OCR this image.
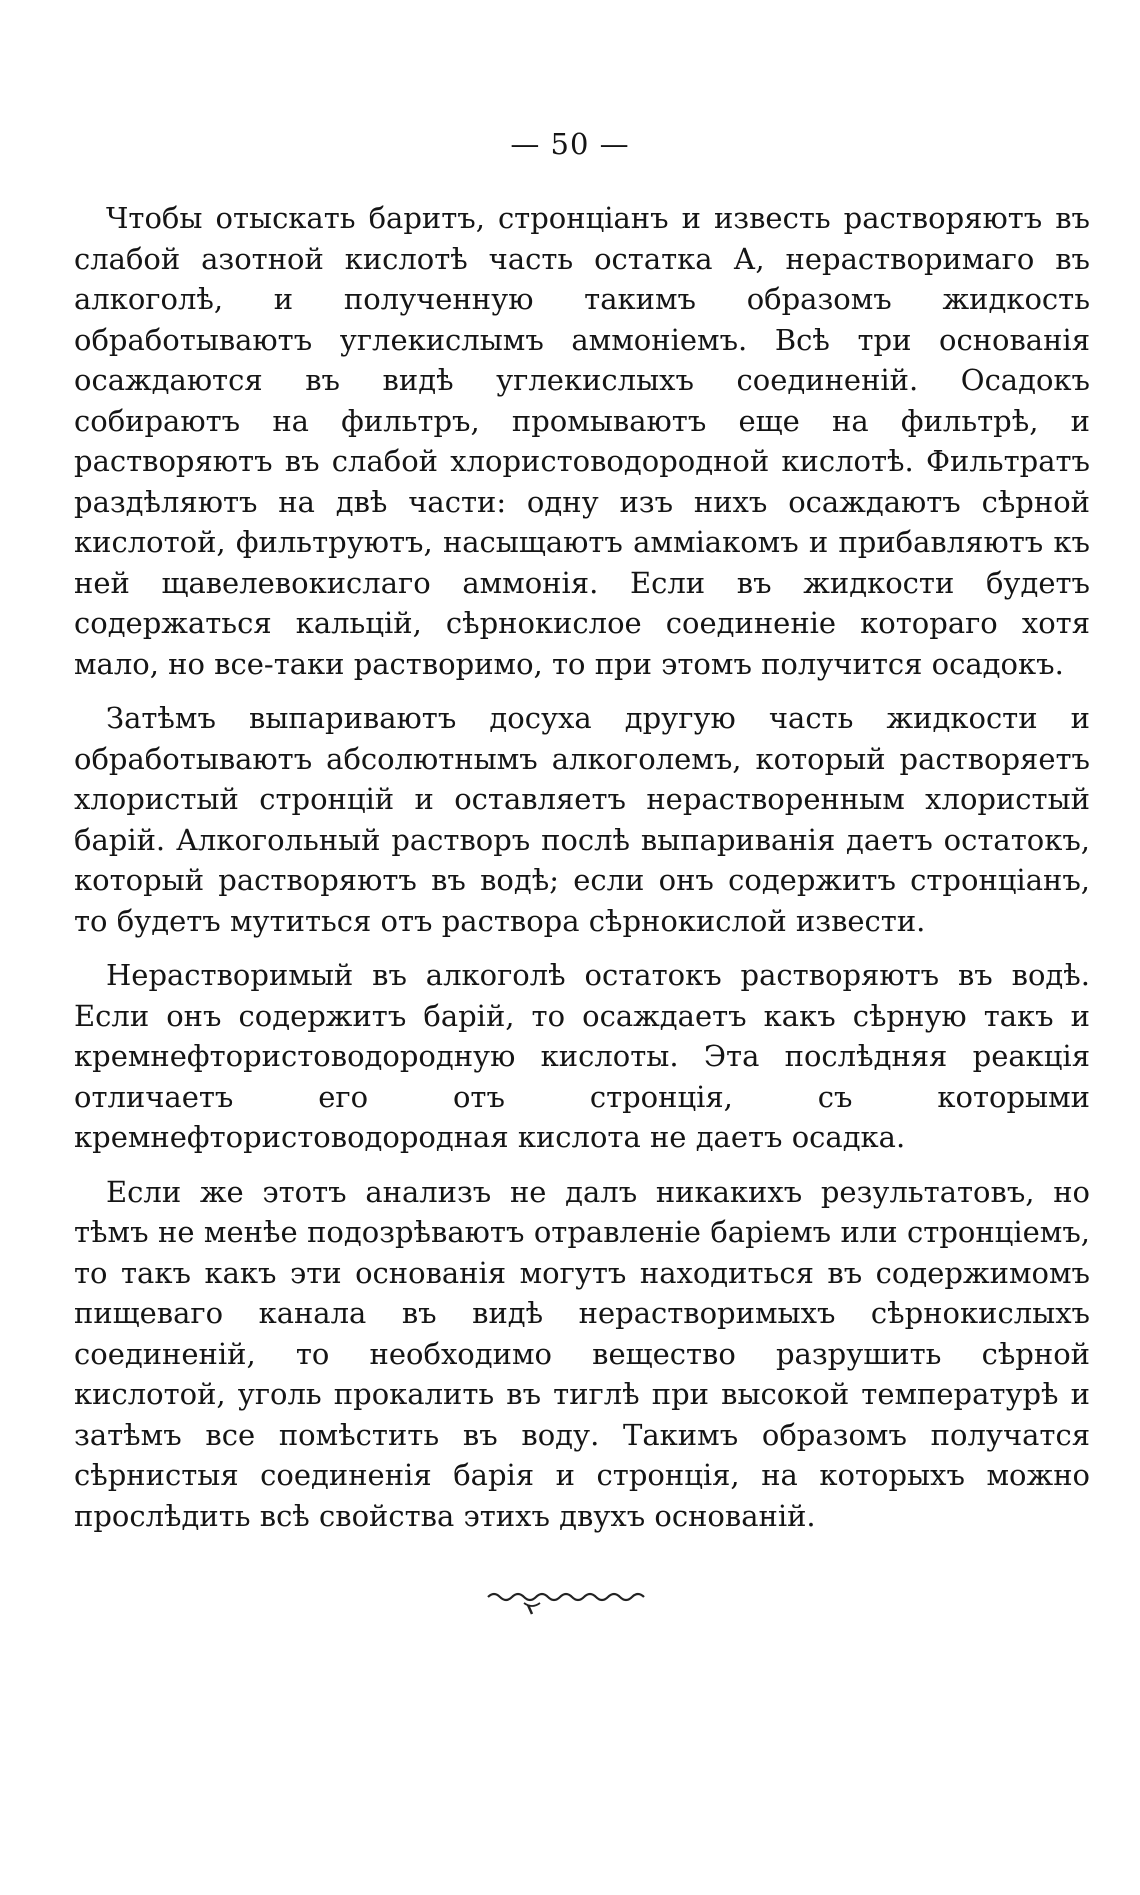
— 50 —

Чтобы отыскать баритъ, стронціанъ и известь растворяютъ въ слабой азотной кислотѣ часть остатка А, нерастворимаго въ алкоголѣ, и полученную такимъ образомъ жидкость обработываютъ углекислымъ аммоніемъ. Всѣ три основанія осаждаются въ видѣ углекислыхъ соединеній. Осадокъ собираютъ на фильтръ, промываютъ еще на фильтрѣ, и растворяютъ въ слабой хлористоводородной кислотѣ. Фильтратъ раздѣляютъ на двѣ части: одну изъ нихъ осаждаютъ сѣрной кислотой, фильтруютъ, насыщаютъ амміакомъ и прибавляютъ къ ней щавелевокислаго аммонія. Если въ жидкости будетъ содержаться кальцій, сѣрнокислое соединеніе котораго хотя мало, но все-таки растворимо, то при этомъ получится осадокъ.

Затѣмъ выпариваютъ досуха другую часть жидкости и обработываютъ абсолютнымъ алкоголемъ, который растворяетъ хлористый стронцій и оставляетъ нерастворенным хлористый барій. Алкогольный растворъ послѣ выпариванія даетъ остатокъ, который растворяютъ въ водѣ; если онъ содержитъ стронціанъ, то будетъ мутиться отъ раствора сѣрнокислой извести.

Нерастворимый въ алкоголѣ остатокъ растворяютъ въ водѣ. Если онъ содержитъ барій, то осаждаетъ какъ сѣрную такъ и кремнефтористоводородную кислоты. Эта послѣдняя реакція отличаетъ его отъ стронція, съ которыми кремнефтористоводородная кислота не даетъ осадка.

Если же этотъ анализъ не далъ никакихъ результатовъ, но тѣмъ не менѣе подозрѣваютъ отравленіе баріемъ или стронціемъ, то такъ какъ эти основанія могутъ находиться въ содержимомъ пищеваго канала въ видѣ нерастворимыхъ сѣрнокислыхъ соединеній, то необходимо вещество разрушить сѣрной кислотой, уголь прокалить въ тиглѣ при высокой температурѣ и затѣмъ все помѣстить въ воду. Такимъ образомъ получатся сѣрнистыя соединенія барія и стронція, на которыхъ можно прослѣдить всѣ свойства этихъ двухъ основаній.
